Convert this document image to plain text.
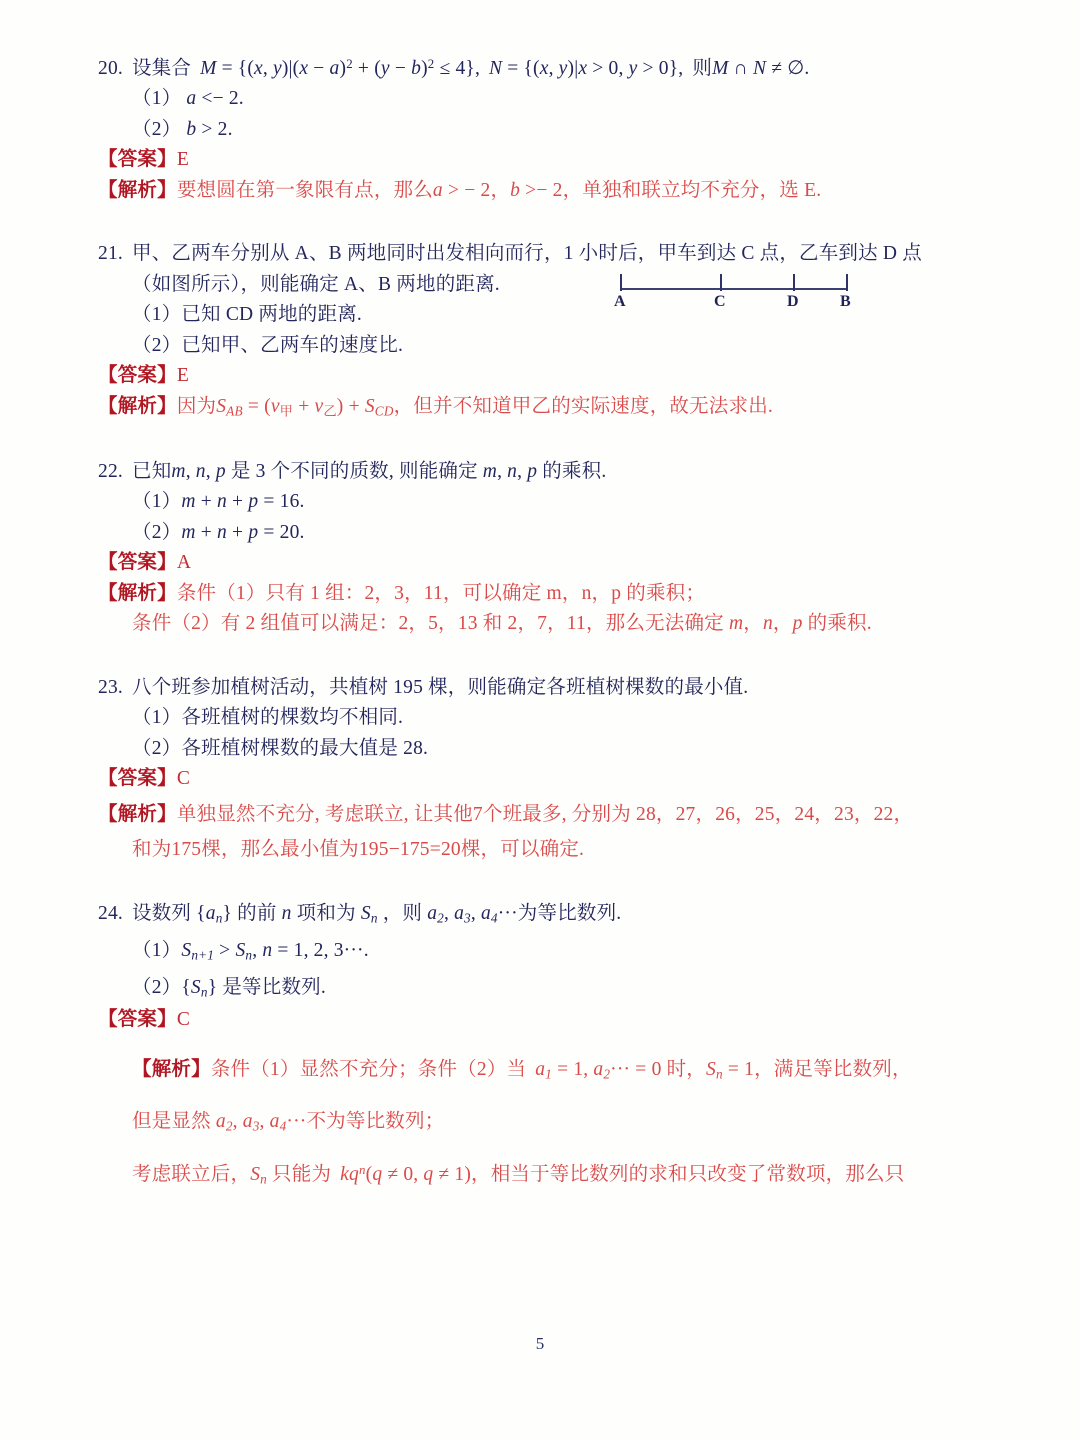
20. 设集合 M = {(x, $y)|(x - a)^2 + (y - b)^2 \le 4$}, N = {(x, y)|x > 0, y > 0}, 则M ∩ N ≠ ∅.
（1） a <− 2.
（2） b > 2.
【答案】E
【解析】要想圆在第一象限有点，那么a > − 2，b >− 2，单独和联立均不充分，选 E.
21. 甲、乙两车分别从 A、B 两地同时出发相向而行，1 小时后，甲车到达 C 点，乙车到达 D 点
（如图所示），则能确定 A、B 两地的距离.
（1）已知 CD 两地的距离.
（2）已知甲、乙两车的速度比.
【答案】E
【解析】因为$S_{AB} = (v$甲 + v乙) + $S_{CD}$，但并不知道甲乙的实际速度，故无法求出.
A	C	D	B
22. 已知m, n, p 是 3 个不同的质数, 则能确定 m, n, p 的乘积.
（1）m + n + p = 16.
（2）m + n + p = 20.
【答案】A
【解析】条件（1）只有 1 组：2，3，11，可以确定 m，n，p 的乘积；
条件（2）有 2 组值可以满足：2，5，13 和 2，7，11，那么无法确定 m，n，p 的乘积.
23. 八个班参加植树活动，共植树 195 棵，则能确定各班植树棵数的最小值.
（1）各班植树的棵数均不相同.
（2）各班植树棵数的最大值是 28.
【答案】C
【解析】单独显然不充分, 考虑联立, 让其他7个班最多, 分别为 28，27，26，25，24，23，22，
和为175棵，那么最小值为195−175=20棵，可以确定.
24. 设数列 $\{a_n\}$ 的前 n 项和为 $S_n$ ，则 $a_2$, $a_3$, $a_4\cdot\cdot\cdot$为等比数列.
$(1)S_{n+1} > S_n$, n = 1, 2, 3···.
$(2)\{S_n\}$ 是等比数列.
【答案】C
【解析】条件（1）显然不充分；条件（2）当 $a_1 = 1$, $a_2\cdot\cdot\cdot = 0$ 时，$S_n = 1$，满足等比数列，
但是显然 $a_2$, $a_3$, $a_4\cdot\cdot\cdot$不为等比数列；
考虑联立后，$S_n$ 只能为 $kq^n(q \ne 0$, q ≠ 1)，相当于等比数列的求和只改变了常数项，那么只
5
